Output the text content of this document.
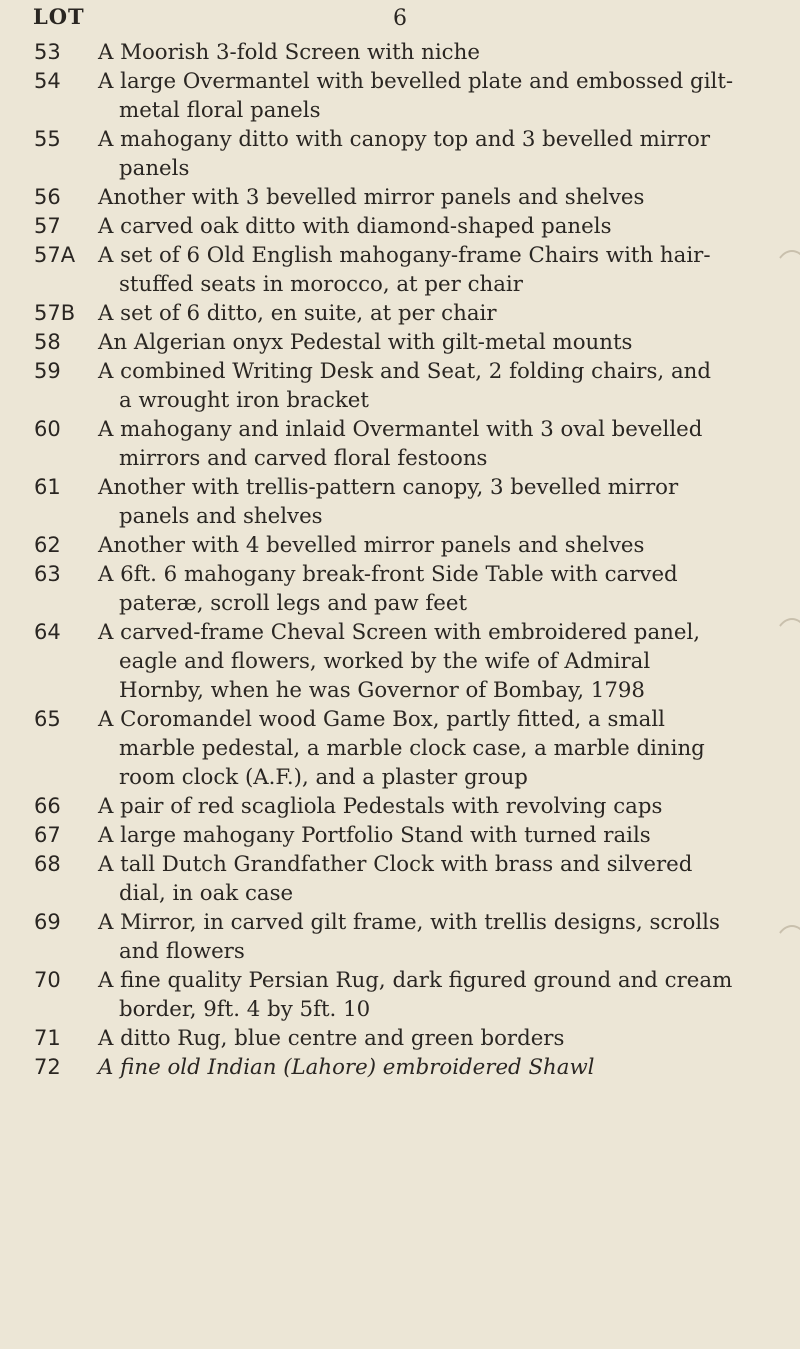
6
LOT
53 A Moorish 3-fold Screen with niche
54 A large Overmantel with bevelled plate and embossed gilt-
metal floral panels
55 A mahogany ditto with canopy top and 3 bevelled mirror
panels
56 Another with 3 bevelled mirror panels and shelves
57 A carved oak ditto with diamond-shaped panels
57A A set of 6 Old English mahogany-frame Chairs with hair-
stuffed seats in morocco, at per chair
57B A set of 6 ditto, en suite, at per chair
58 An Algerian onyx Pedestal with gilt-metal mounts
59 A combined Writing Desk and Seat, 2 folding chairs, and
a wrought iron bracket
60 A mahogany and inlaid Overmantel with 3 oval bevelled
mirrors and carved floral festoons
61 Another with trellis-pattern canopy, 3 bevelled mirror
panels and shelves
62 Another with 4 bevelled mirror panels and shelves
63 A 6ft. 6 mahogany break-front Side Table with carved
pateræ, scroll legs and paw feet
64 A carved-frame Cheval Screen with embroidered panel,
eagle and flowers, worked by the wife of Admiral
Hornby, when he was Governor of Bombay, 1798
65 A Coromandel wood Game Box, partly fitted, a small
marble pedestal, a marble clock case, a marble dining
room clock (A.F.), and a plaster group
66 A pair of red scagliola Pedestals with revolving caps
67 A large mahogany Portfolio Stand with turned rails
68 A tall Dutch Grandfather Clock with brass and silvered
dial, in oak case
69 A Mirror, in carved gilt frame, with trellis designs, scrolls
and flowers
70 A fine quality Persian Rug, dark figured ground and cream
border, 9ft. 4 by 5ft. 10
71 A ditto Rug, blue centre and green borders
72 A fine old Indian (Lahore) embroidered Shawl
